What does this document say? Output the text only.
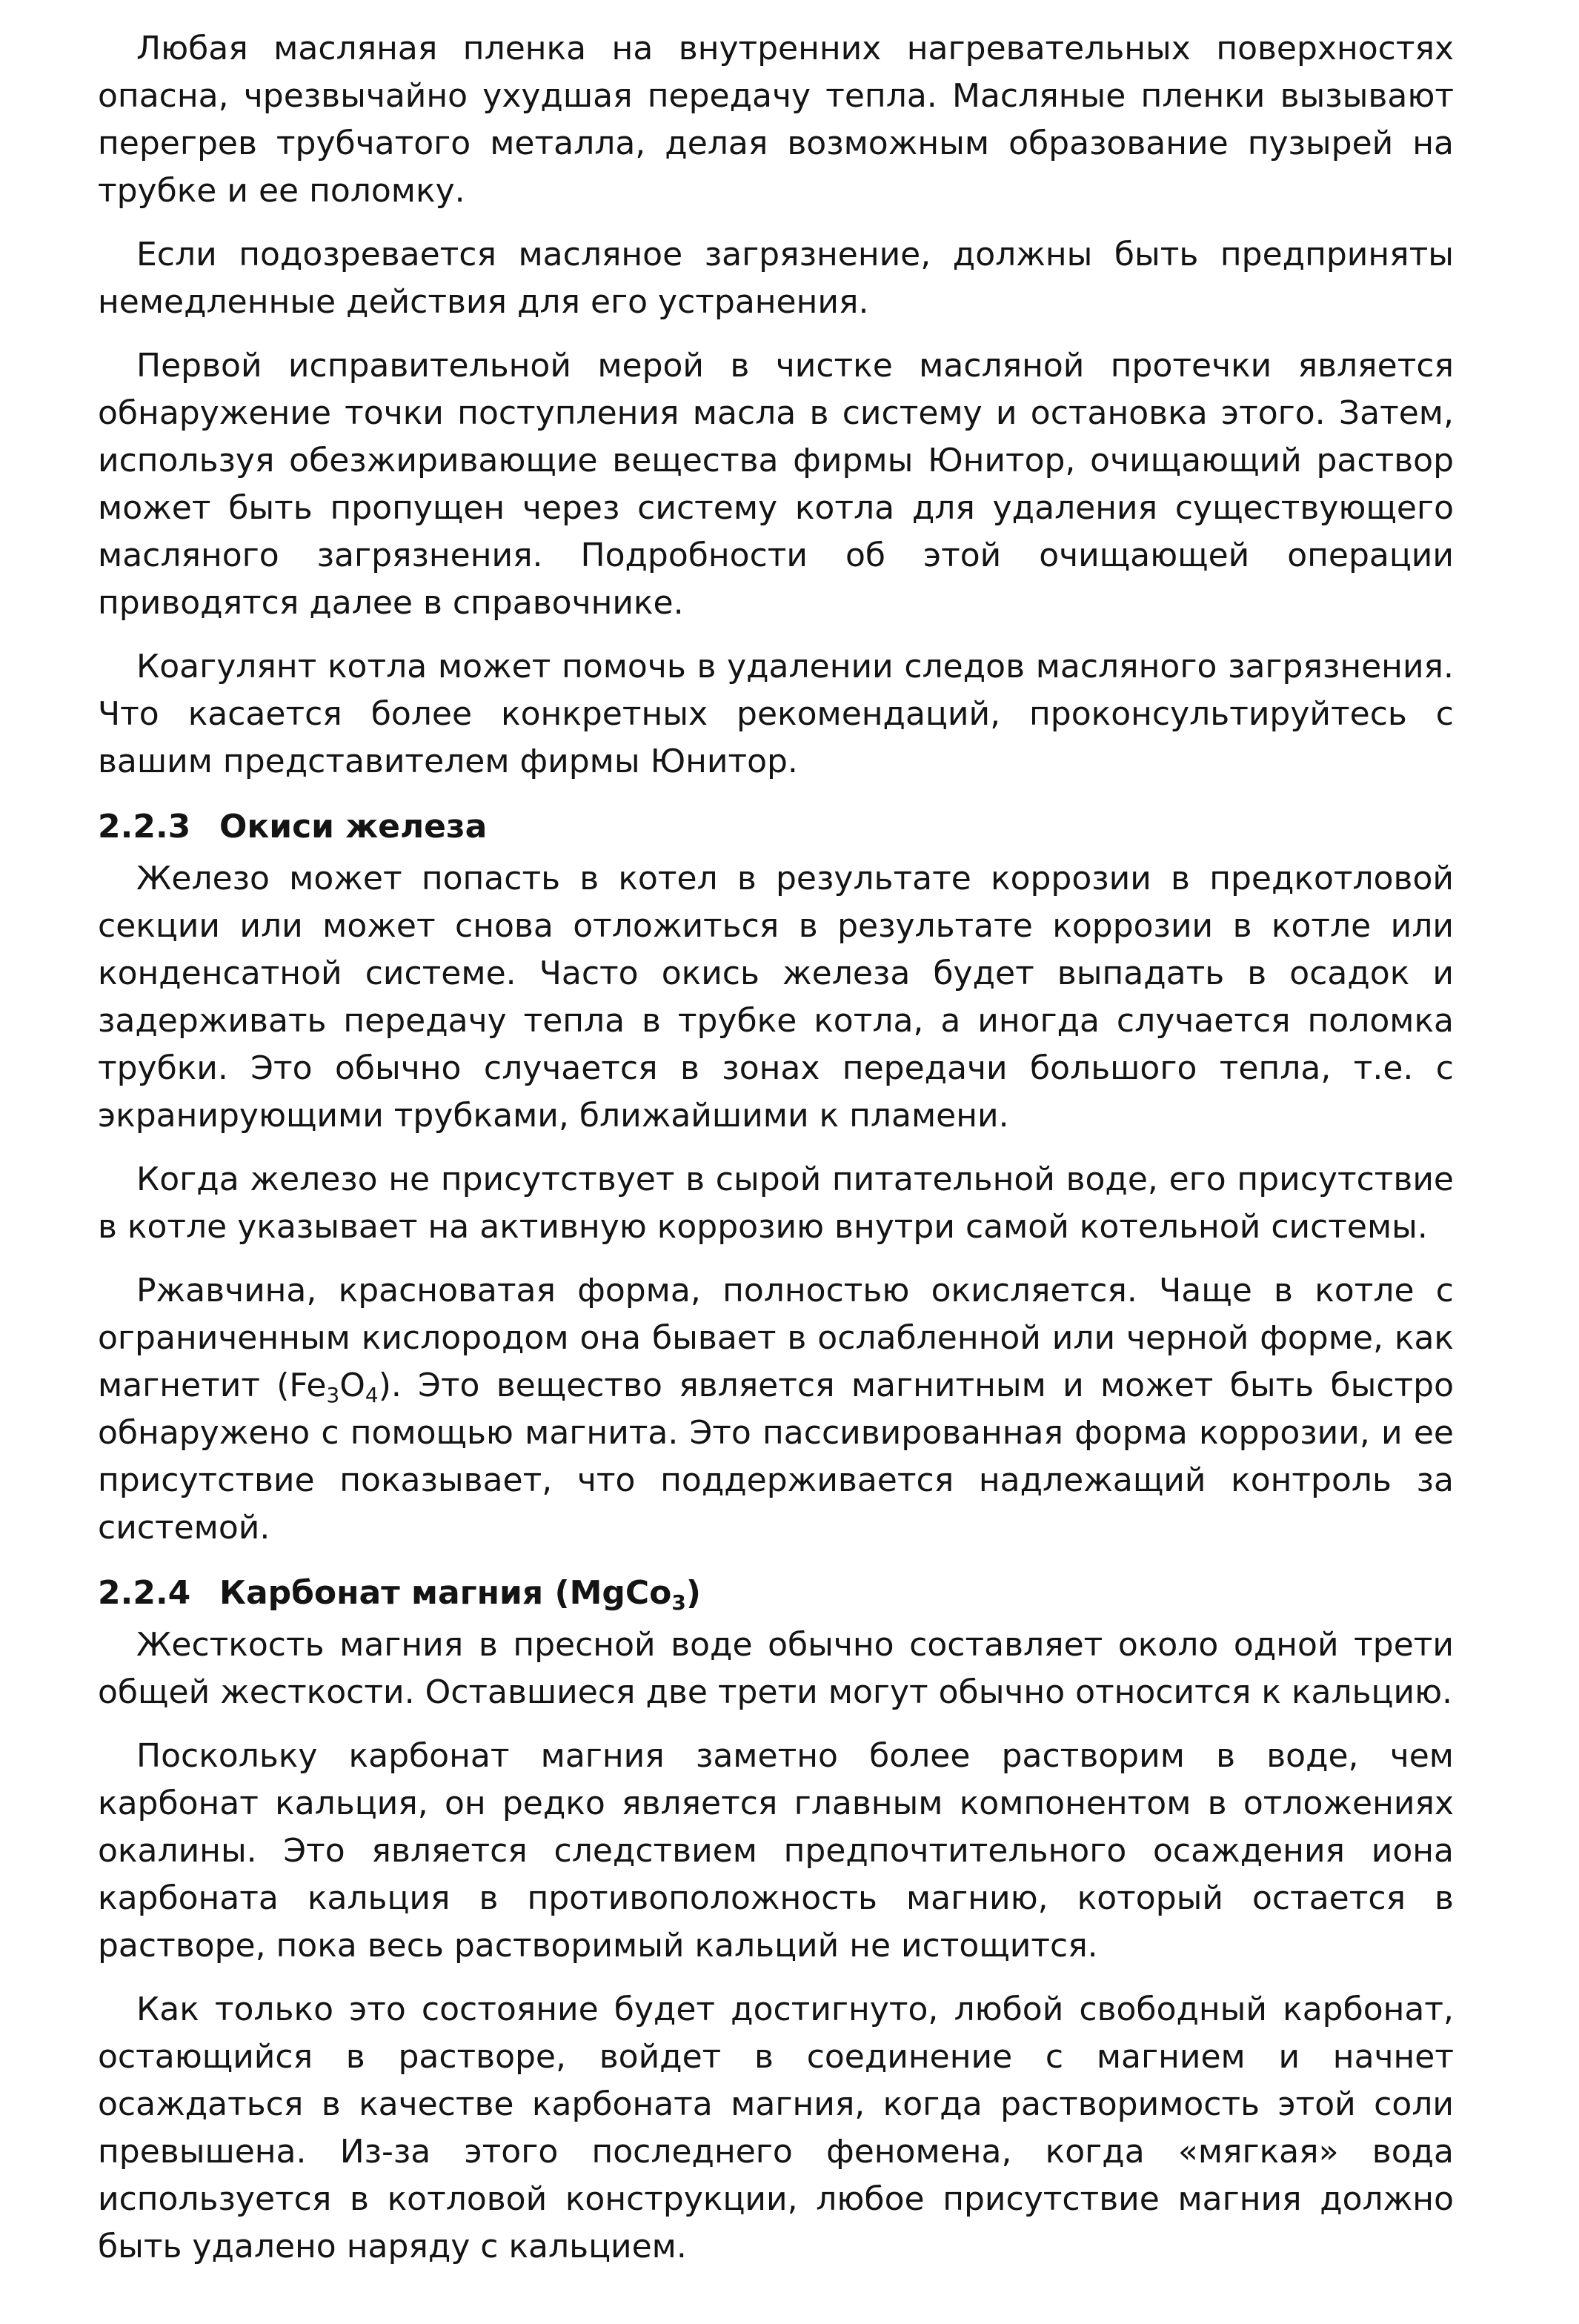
Любая масляная пленка на внутренних нагревательных поверхностях опасна, чрезвычайно ухудшая передачу тепла. Масляные пленки вызывают перегрев трубчатого металла, делая возможным образование пузырей на трубке и ее поломку.

Если подозревается масляное загрязнение, должны быть предприняты немедленные действия для его устранения.

Первой исправительной мерой в чистке масляной протечки является обнаружение точки поступления масла в систему и остановка этого. Затем, используя обезжиривающие вещества фирмы Юнитор, очищающий раствор может быть пропущен через систему котла для удаления существующего масляного загрязнения. Подробности об этой очищающей операции приводятся далее в справочнике.

Коагулянт котла может помочь в удалении следов масляного загрязнения. Что касается более конкретных рекомендаций, проконсультируйтесь с вашим представителем фирмы Юнитор.

2.2.3 Окиси железа

Железо может попасть в котел в результате коррозии в предкотловой секции или может снова отложиться в результате коррозии в котле или конденсатной системе. Часто окись железа будет выпадать в осадок и задерживать передачу тепла в трубке котла, а иногда случается поломка трубки. Это обычно случается в зонах передачи большого тепла, т.е. с экранирующими трубками, ближайшими к пламени.

Когда железо не присутствует в сырой питательной воде, его присутствие в котле указывает на активную коррозию внутри самой котельной системы.

Ржавчина, красноватая форма, полностью окисляется. Чаще в котле с ограниченным кислородом она бывает в ослабленной или черной форме, как магнетит $(Fe_3O_4)$. Это вещество является магнитным и может быть быстро обнаружено с помощью магнита. Это пассивированная форма коррозии, и ее присутствие показывает, что поддерживается надлежащий контроль за системой.

2.2.4 Карбонат магния (MgCo$_3$)

Жесткость магния в пресной воде обычно составляет около одной трети общей жесткости. Оставшиеся две трети могут обычно относится к кальцию.

Поскольку карбонат магния заметно более растворим в воде, чем карбонат кальция, он редко является главным компонентом в отложениях окалины. Это является следствием предпочтительного осаждения иона карбоната кальция в противоположность магнию, который остается в растворе, пока весь растворимый кальций не истощится.

Как только это состояние будет достигнуто, любой свободный карбонат, остающийся в растворе, войдет в соединение с магнием и начнет осаждаться в качестве карбоната магния, когда растворимость этой соли превышена. Из-за этого последнего феномена, когда «мягкая» вода используется в котловой конструкции, любое присутствие магния должно быть удалено наряду с кальцием.
